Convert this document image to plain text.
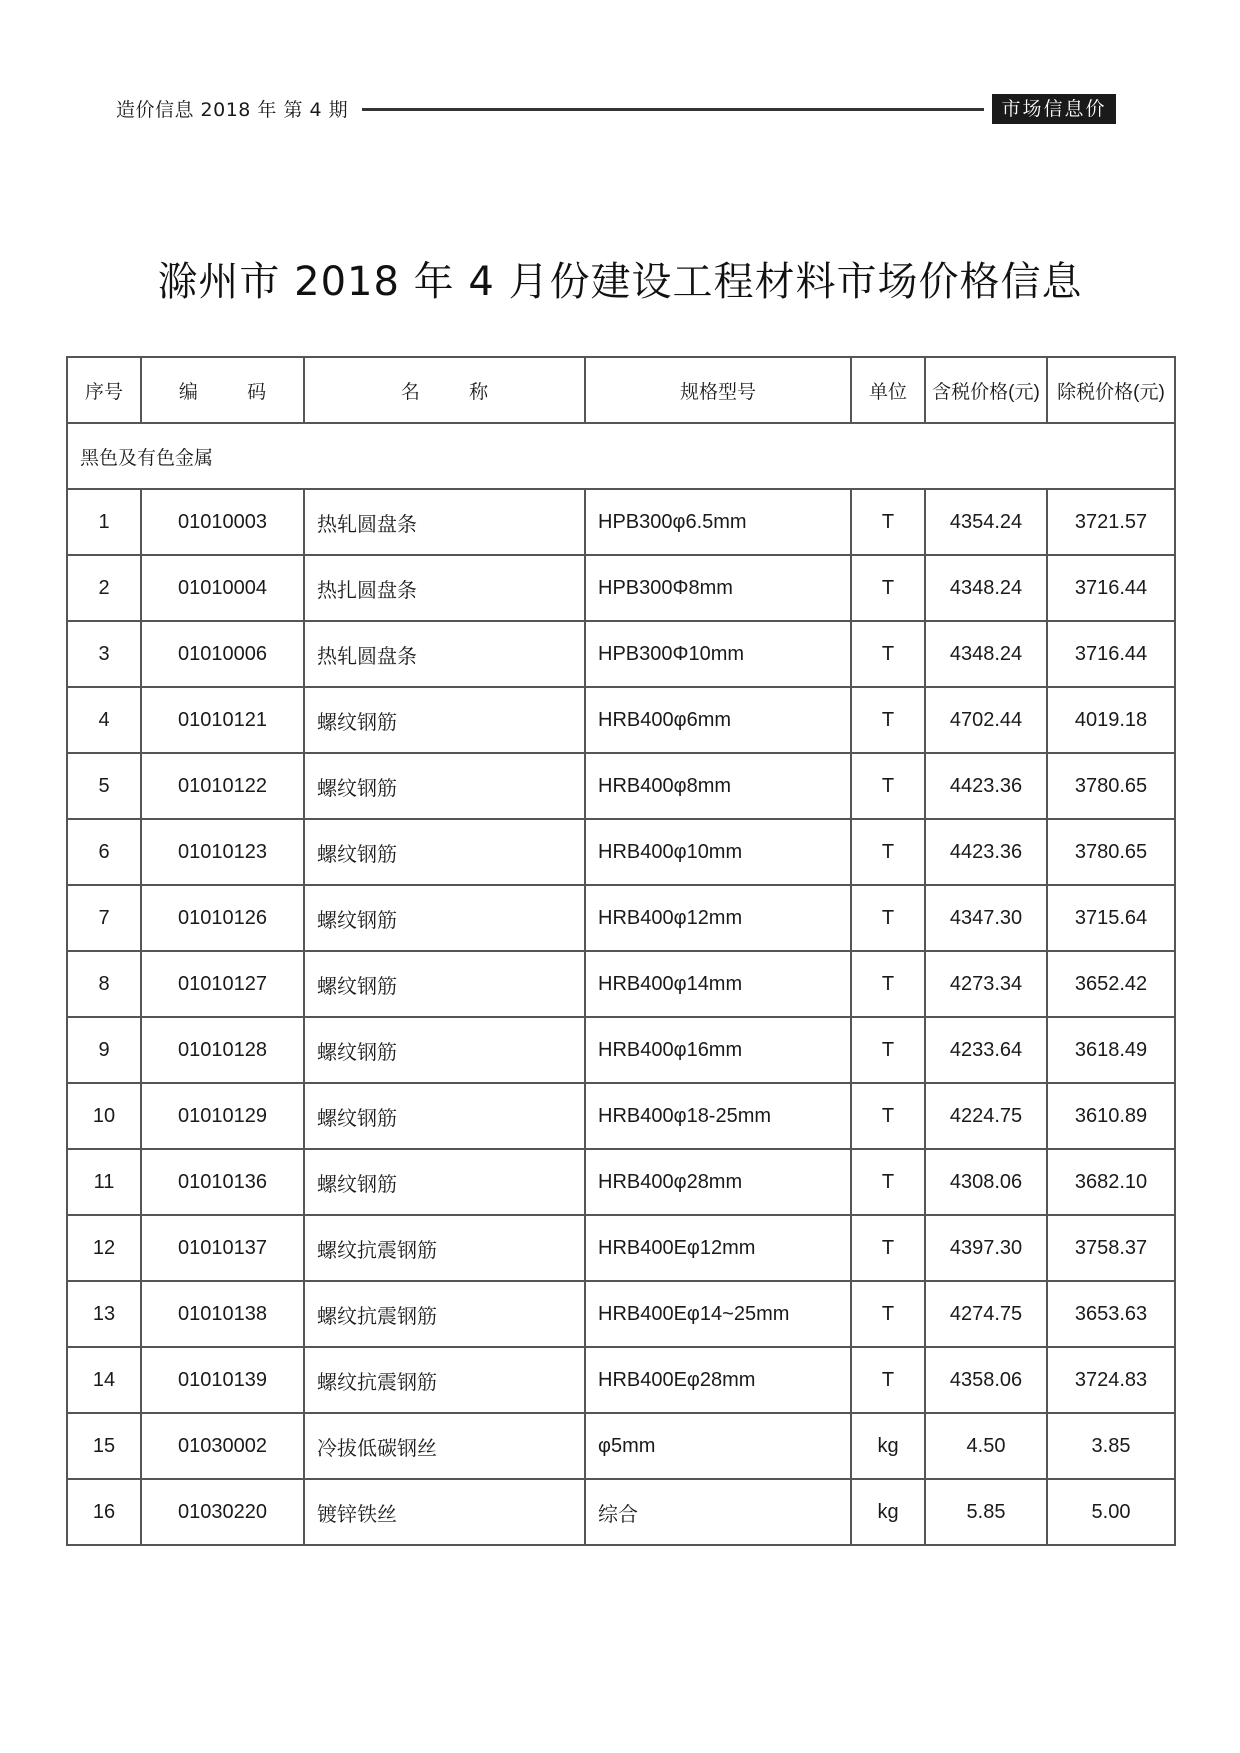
造价信息 2018 年 第 4 期	市场信息价
滁州市 2018 年 4 月份建设工程材料市场价格信息
序号	编 码	名 称	规格型号	单位	含税价格(元)	除税价格(元)
黑色及有色金属						
1	01010003	热轧圆盘条	HPB300φ6.5mm	T	4354.24	3721.57
2	01010004	热扎圆盘条	HPB300Φ8mm	T	4348.24	3716.44
3	01010006	热轧圆盘条	HPB300Φ10mm	T	4348.24	3716.44
4	01010121	螺纹钢筋	HRB400φ6mm	T	4702.44	4019.18
5	01010122	螺纹钢筋	HRB400φ8mm	T	4423.36	3780.65
6	01010123	螺纹钢筋	HRB400φ10mm	T	4423.36	3780.65
7	01010126	螺纹钢筋	HRB400φ12mm	T	4347.30	3715.64
8	01010127	螺纹钢筋	HRB400φ14mm	T	4273.34	3652.42
9	01010128	螺纹钢筋	HRB400φ16mm	T	4233.64	3618.49
10	01010129	螺纹钢筋	HRB400φ18-25mm	T	4224.75	3610.89
11	01010136	螺纹钢筋	HRB400φ28mm	T	4308.06	3682.10
12	01010137	螺纹抗震钢筋	HRB400Eφ12mm	T	4397.30	3758.37
13	01010138	螺纹抗震钢筋	HRB400Eφ14~25mm	T	4274.75	3653.63
14	01010139	螺纹抗震钢筋	HRB400Eφ28mm	T	4358.06	3724.83
15	01030002	冷拔低碳钢丝	φ5mm	kg	4.50	3.85
16	01030220	镀锌铁丝	综合	kg	5.85	5.00
